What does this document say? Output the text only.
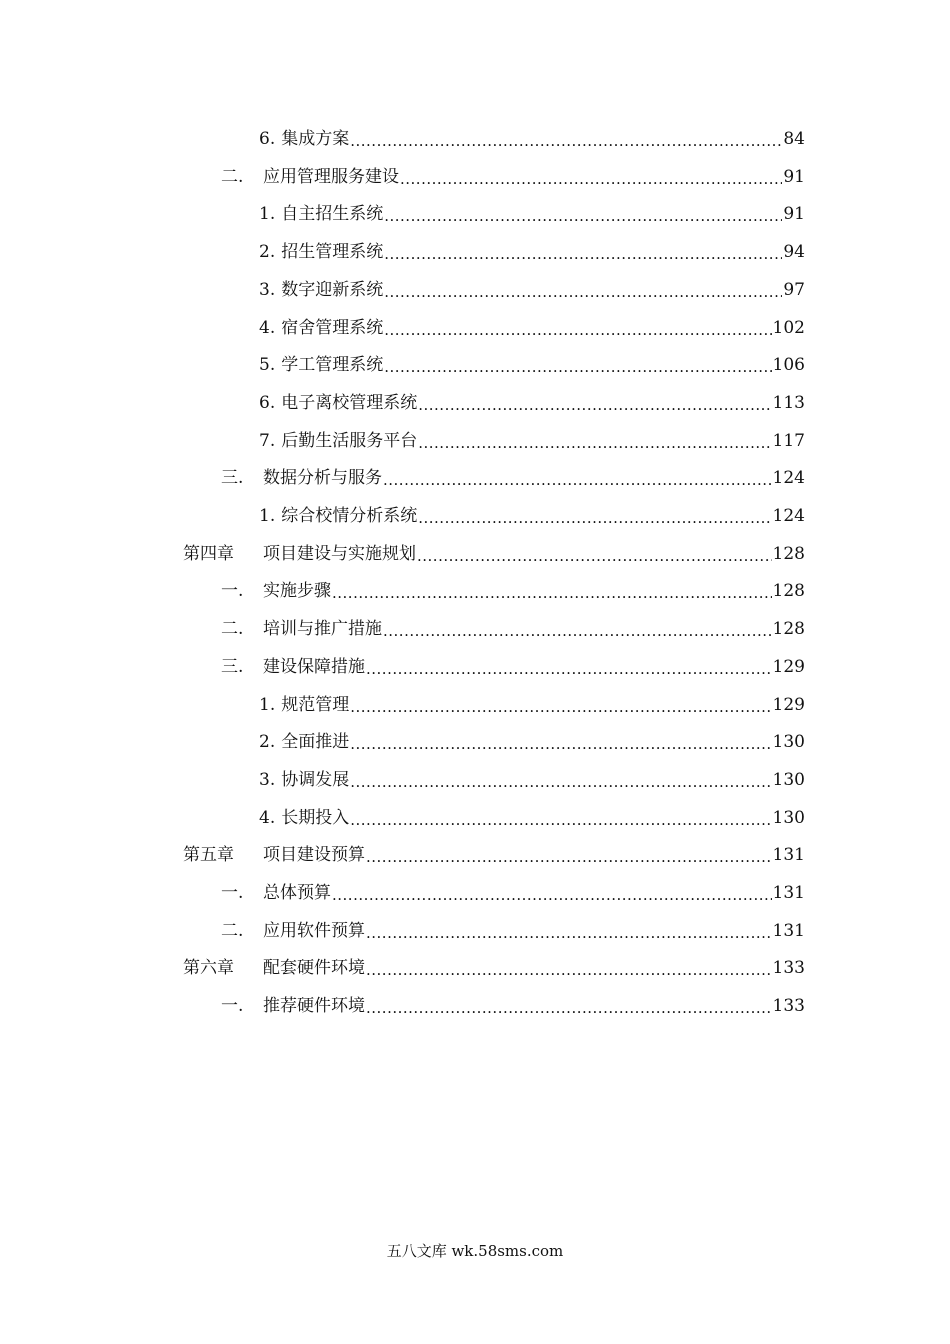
6. 集成方案 .....	84
二.	应用管理服务建设 .....	91
1. 自主招生系统 .....	91
2. 招生管理系统 .....	94
3. 数字迎新系统 .....	97
4. 宿舍管理系统 .....	102
5. 学工管理系统 .....	106
6. 电子离校管理系统 .....	113
7. 后勤生活服务平台 .....	117
三.	数据分析与服务 .....	124
1. 综合校情分析系统 .....	124
第四章	项目建设与实施规划 .....	128
一.	实施步骤 .....	128
二.	培训与推广措施 .....	128
三.	建设保障措施 .....	129
1. 规范管理 .....	129
2. 全面推进 .....	130
3. 协调发展 .....	130
4. 长期投入 .....	130
第五章	项目建设预算 .....	131
一.	总体预算 .....	131
二.	应用软件预算 .....	131
第六章	配套硬件环境 .....	133
一.	推荐硬件环境 .....	133
五八文库 wk.58sms.com
